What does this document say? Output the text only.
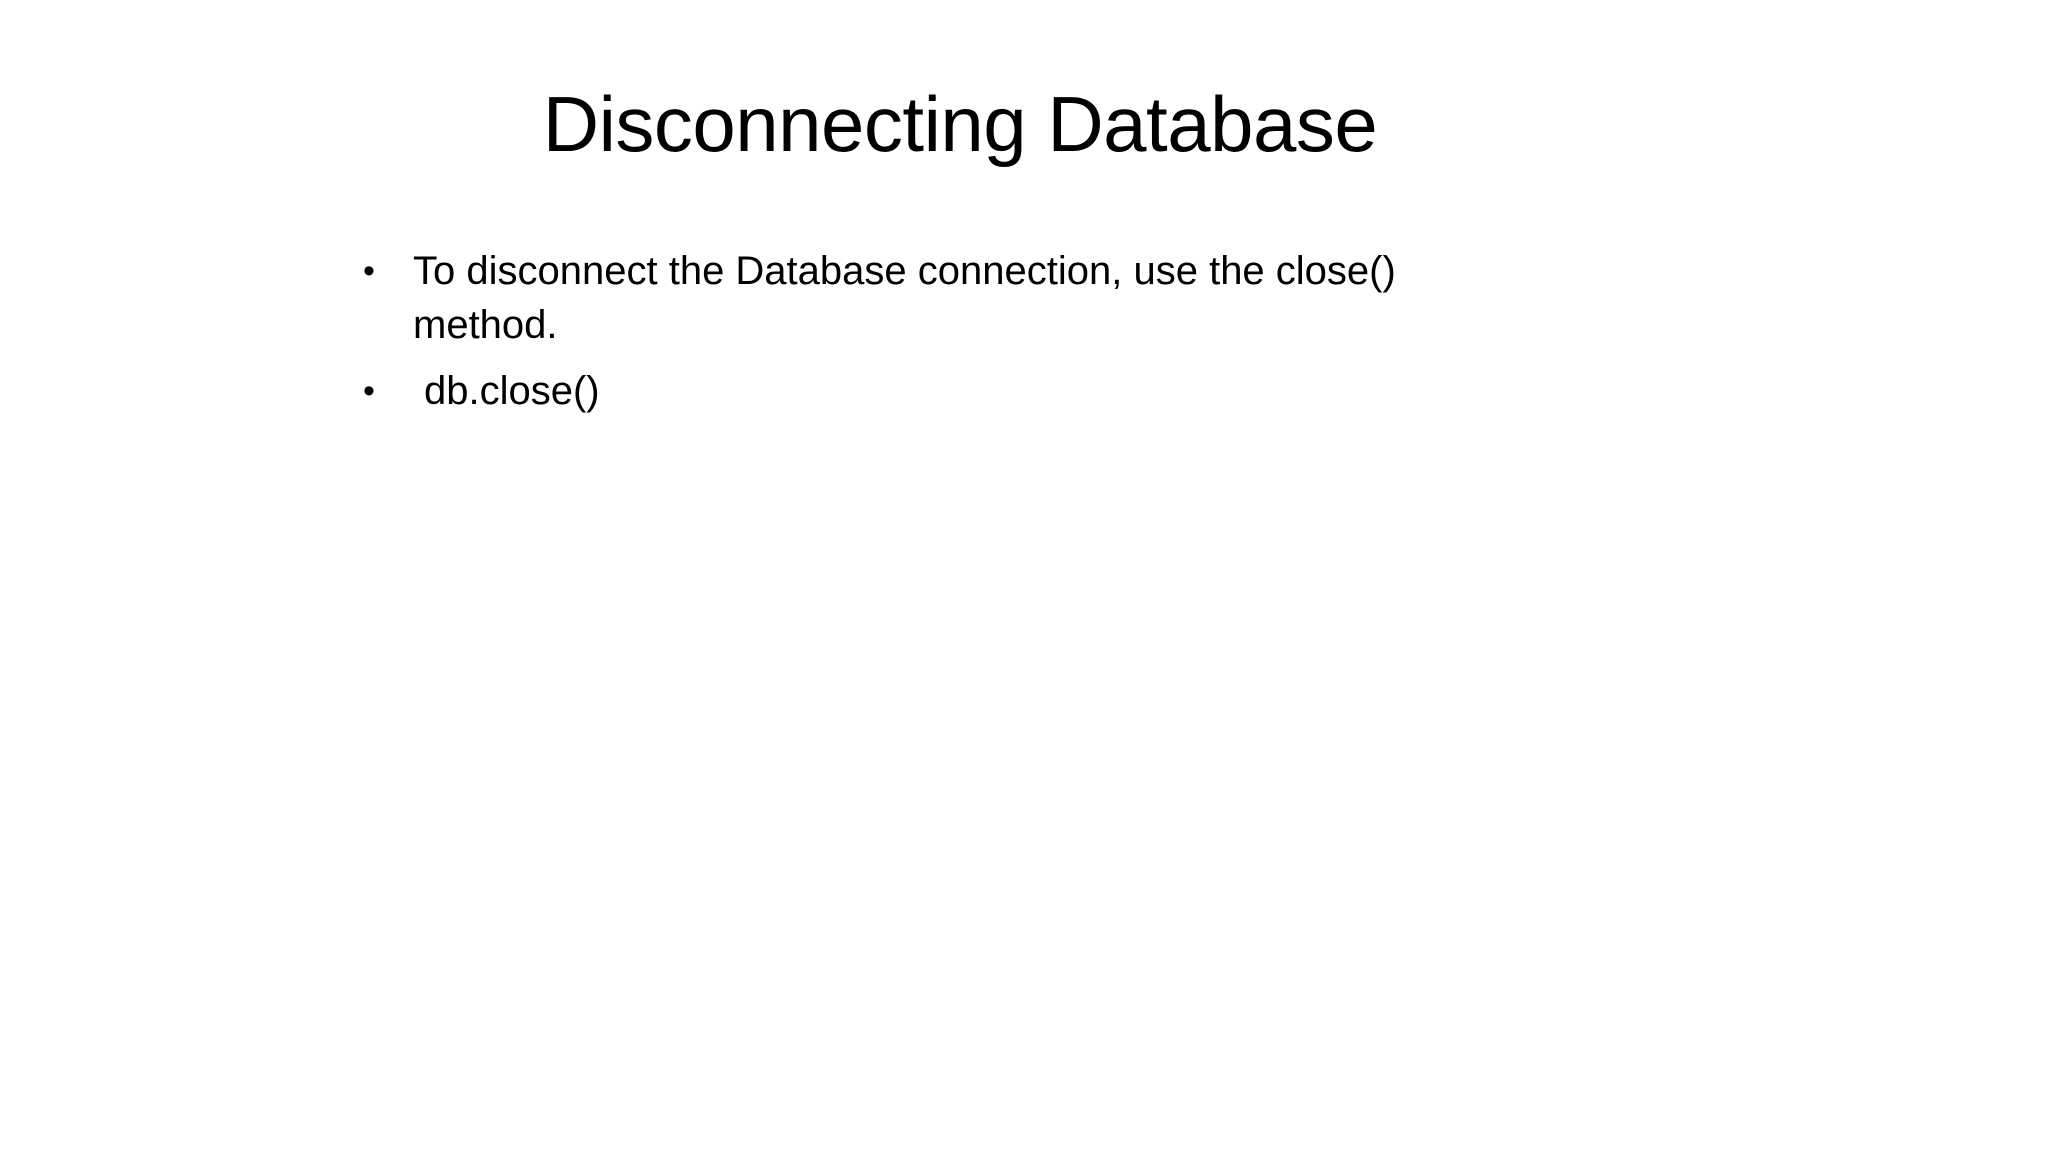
Disconnecting Database
• To disconnect the Database connection, use the close() method.
• db.close()
